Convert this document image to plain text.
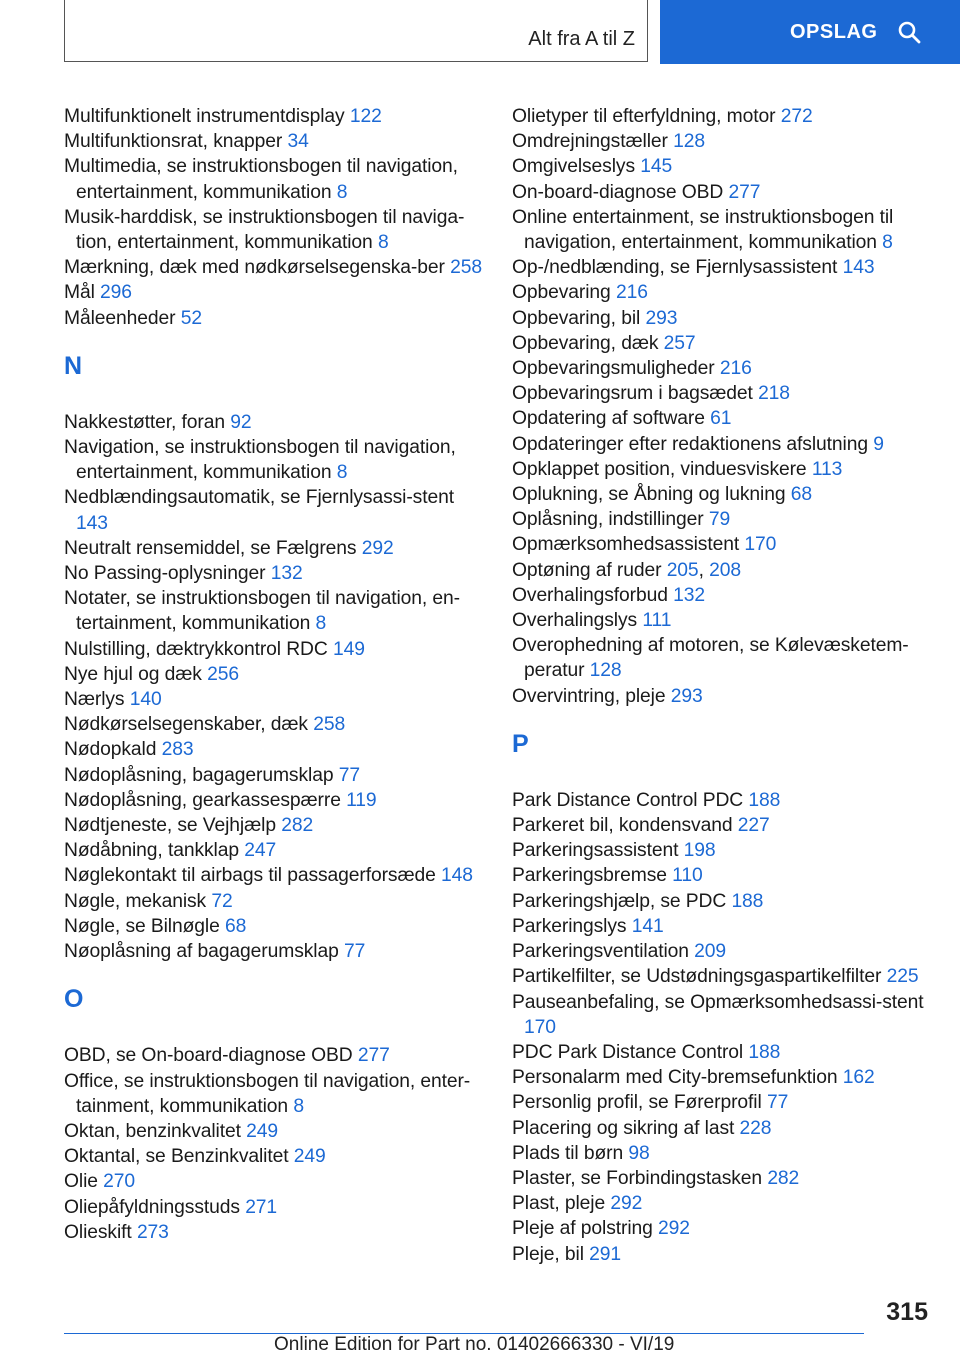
Alt fra A til Z	OPSLAG
Multifunktionelt instrumentdisplay 122
Multifunktionsrat, knapper 34
Multimedia, se instruktionsbogen til navigation, entertainment, kommunikation 8
Musik-harddisk, se instruktionsbogen til naviga-tion, entertainment, kommunikation 8
Mærkning, dæk med nødkørselsegenska-ber 258
Mål 296
Måleenheder 52
N
Nakkestøtter, foran 92
Navigation, se instruktionsbogen til navigation, entertainment, kommunikation 8
Nedblændingsautomatik, se Fjernlysassi-stent 143
Neutralt rensemiddel, se Fælgrens 292
No Passing-oplysninger 132
Notater, se instruktionsbogen til navigation, en-tertainment, kommunikation 8
Nulstilling, dæktrykkontrol RDC 149
Nye hjul og dæk 256
Nærlys 140
Nødkørselsegenskaber, dæk 258
Nødopkald 283
Nødoplåsning, bagagerumsklap 77
Nødoplåsning, gearkassespærre 119
Nødtjeneste, se Vejhjælp 282
Nødåbning, tankklap 247
Nøglekontakt til airbags til passagerforsæde 148
Nøgle, mekanisk 72
Nøgle, se Bilnøgle 68
Nøoplåsning af bagagerumsklap 77
O
OBD, se On-board-diagnose OBD 277
Office, se instruktionsbogen til navigation, enter-tainment, kommunikation 8
Oktan, benzinkvalitet 249
Oktantal, se Benzinkvalitet 249
Olie 270
Oliepåfyldningsstuds 271
Olieskift 273
Olietyper til efterfyldning, motor 272
Omdrejningstæller 128
Omgivelseslys 145
On-board-diagnose OBD 277
Online entertainment, se instruktionsbogen til navigation, entertainment, kommunikation 8
Op-/nedblænding, se Fjernlysassistent 143
Opbevaring 216
Opbevaring, bil 293
Opbevaring, dæk 257
Opbevaringsmuligheder 216
Opbevaringsrum i bagsædet 218
Opdatering af software 61
Opdateringer efter redaktionens afslutning 9
Opklappet position, vinduesviskere 113
Oplukning, se Åbning og lukning 68
Oplåsning, indstillinger 79
Opmærksomhedsassistent 170
Optøning af ruder 205, 208
Overhalingsforbud 132
Overhalingslys 111
Overophedning af motoren, se Kølevæsketem-peratur 128
Overvintring, pleje 293
P
Park Distance Control PDC 188
Parkeret bil, kondensvand 227
Parkeringsassistent 198
Parkeringsbremse 110
Parkeringshjælp, se PDC 188
Parkeringslys 141
Parkeringsventilation 209
Partikelfilter, se Udstødningsgaspartikelfilter 225
Pauseanbefaling, se Opmærksomhedsassi-stent 170
PDC Park Distance Control 188
Personalarm med City-bremsefunktion 162
Personlig profil, se Førerprofil 77
Placering og sikring af last 228
Plads til børn 98
Plaster, se Forbindingstasken 282
Plast, pleje 292
Pleje af polstring 292
Pleje, bil 291
315
Online Edition for Part no. 01402666330 - VI/19
